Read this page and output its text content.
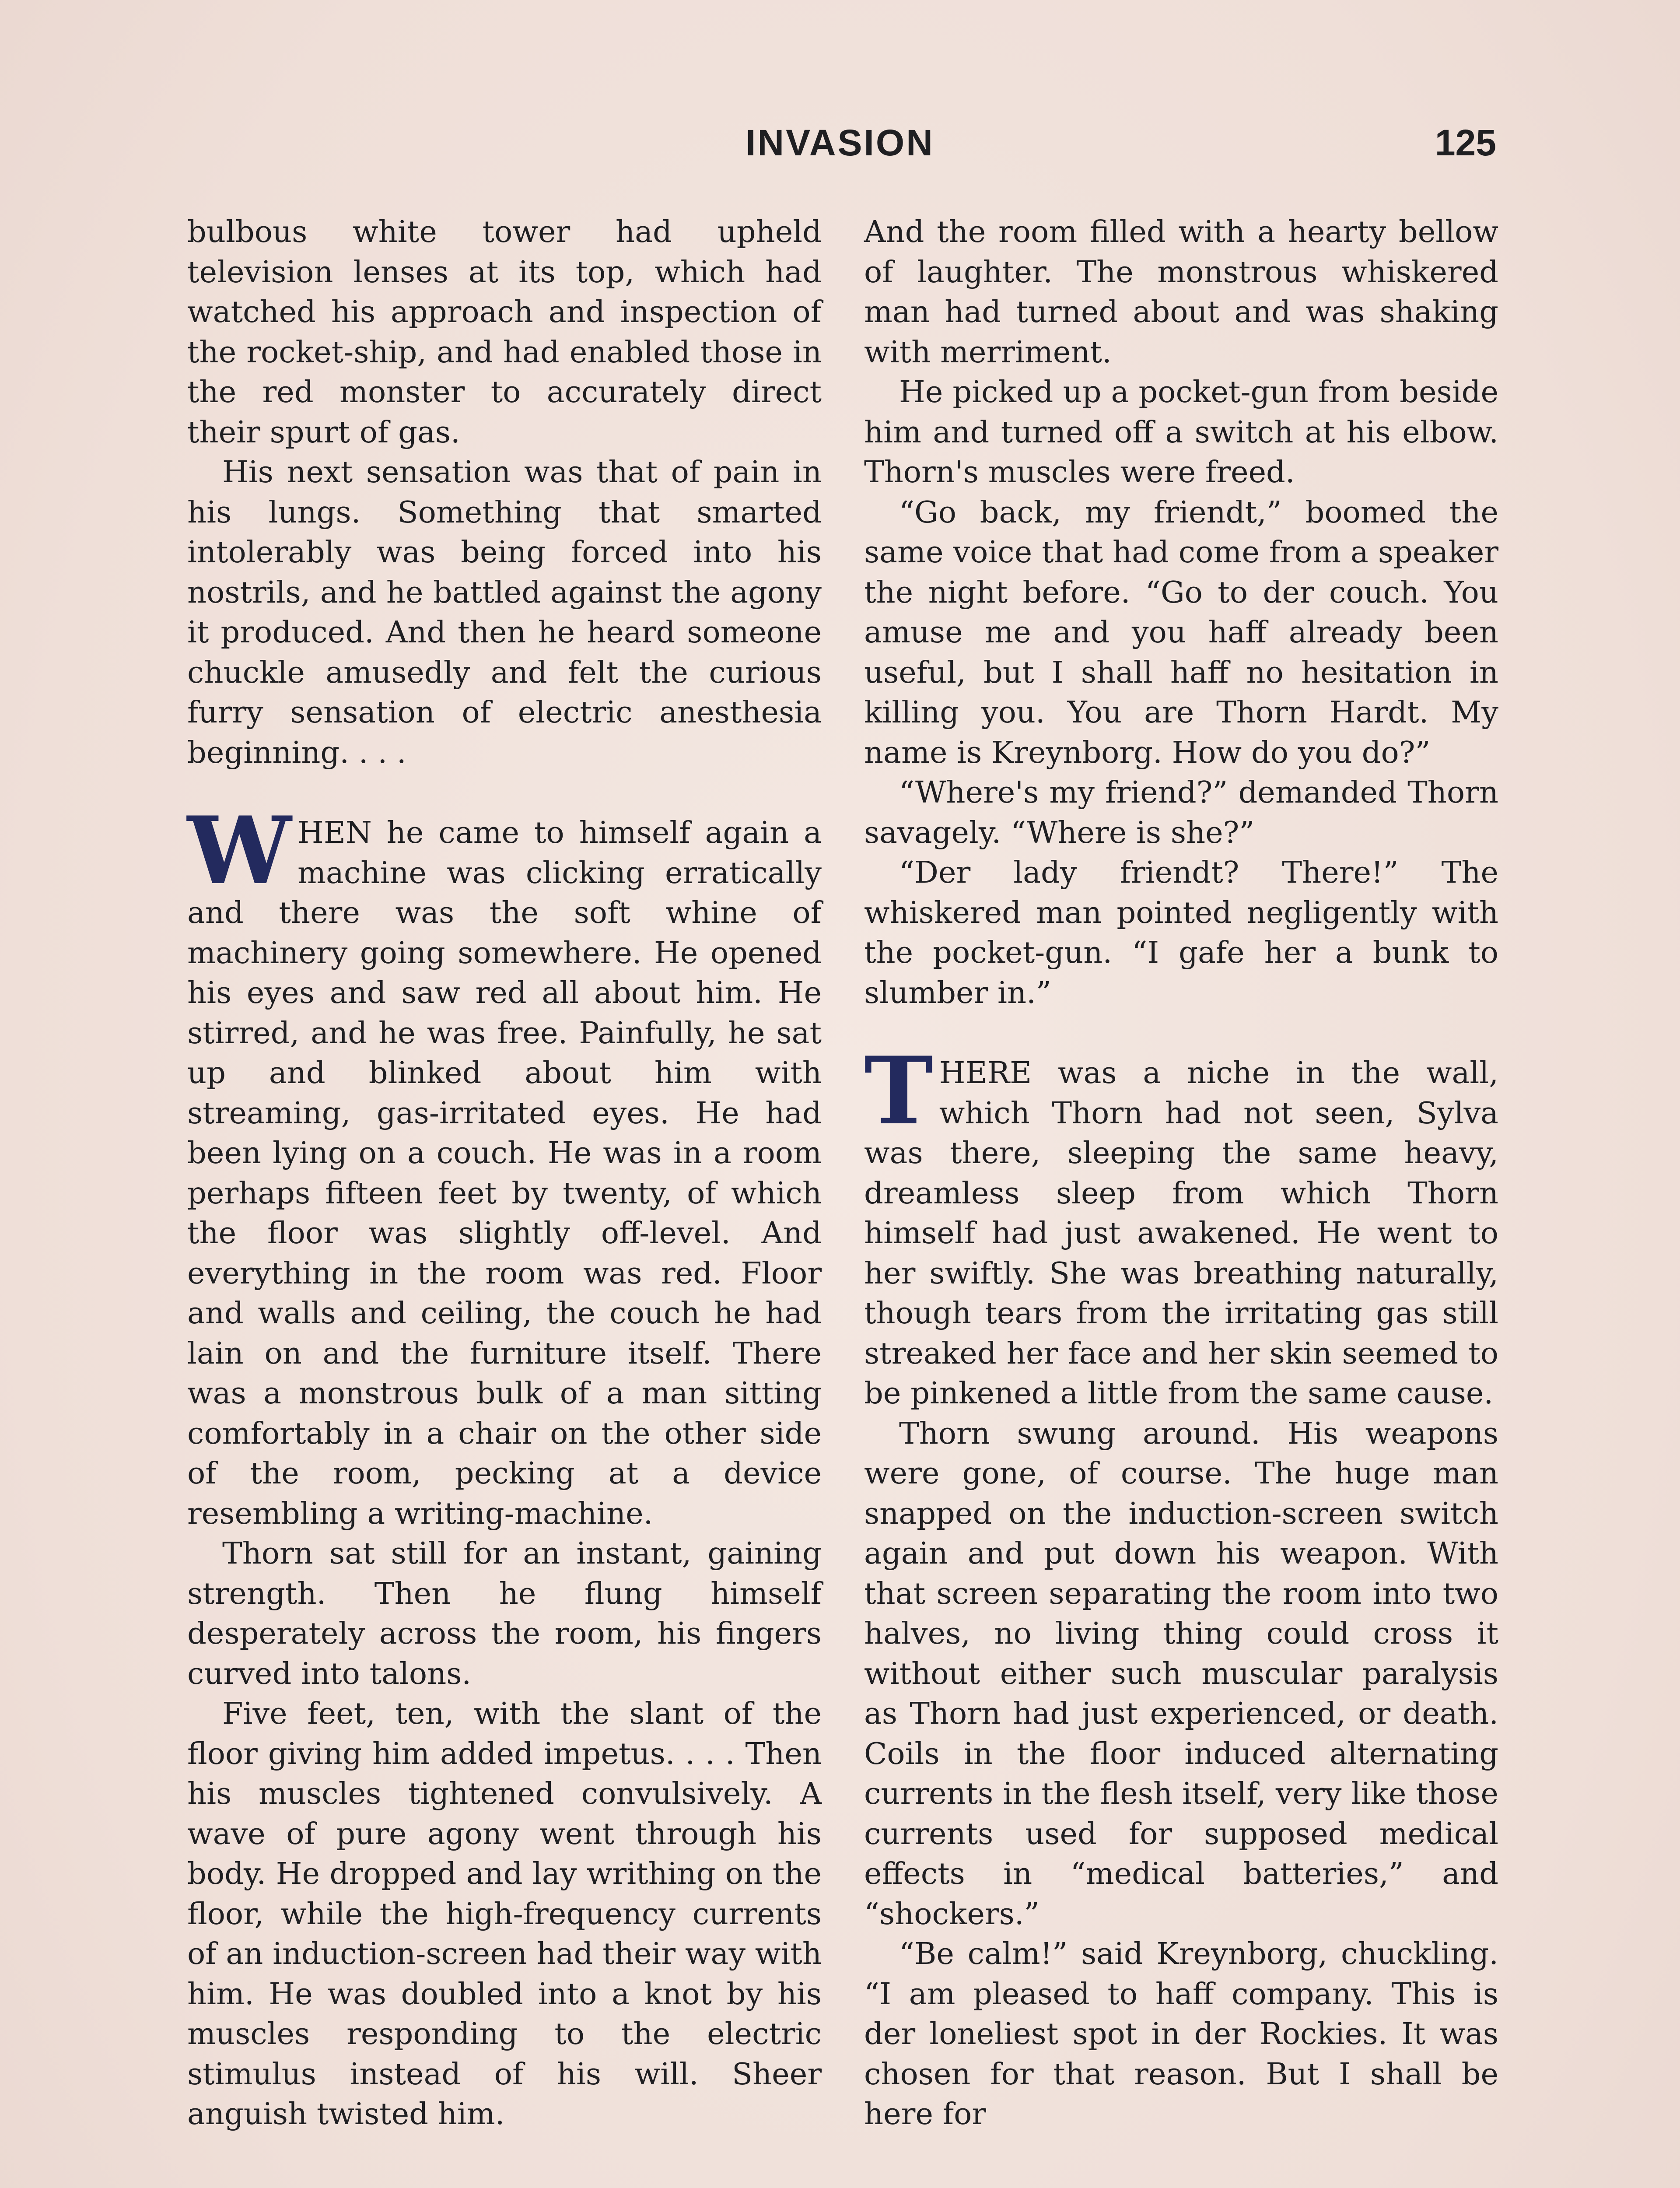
INVASION	125

bulbous white tower had upheld television lenses at its top, which had watched his approach and inspection of the rocket-ship, and had enabled those in the red monster to accurately direct their spurt of gas.

His next sensation was that of pain in his lungs. Something that smarted intolerably was being forced into his nostrils, and he battled against the agony it produced. And then he heard someone chuckle amusedly and felt the curious furry sensation of electric anesthesia beginning. . . .

WHEN he came to himself again a machine was clicking erratically and there was the soft whine of machinery going somewhere. He opened his eyes and saw red all about him. He stirred, and he was free. Painfully, he sat up and blinked about him with streaming, gas-irritated eyes. He had been lying on a couch. He was in a room perhaps fifteen feet by twenty, of which the floor was slightly off-level. And everything in the room was red. Floor and walls and ceiling, the couch he had lain on and the furniture itself. There was a monstrous bulk of a man sitting comfortably in a chair on the other side of the room, pecking at a device resembling a writing-machine.

Thorn sat still for an instant, gaining strength. Then he flung himself desperately across the room, his fingers curved into talons.

Five feet, ten, with the slant of the floor giving him added impetus. . . . Then his muscles tightened convulsively. A wave of pure agony went through his body. He dropped and lay writhing on the floor, while the high-frequency currents of an induction-screen had their way with him. He was doubled into a knot by his muscles responding to the electric stimulus instead of his will. Sheer anguish twisted him.

And the room filled with a hearty bellow of laughter. The monstrous whiskered man had turned about and was shaking with merriment.

He picked up a pocket-gun from beside him and turned off a switch at his elbow. Thorn's muscles were freed.

“Go back, my friendt,” boomed the same voice that had come from a speaker the night before. “Go to der couch. You amuse me and you haff already been useful, but I shall haff no hesitation in killing you. You are Thorn Hardt. My name is Kreynborg. How do you do?”

“Where's my friend?” demanded Thorn savagely. “Where is she?”

“Der lady friendt? There!” The whiskered man pointed negligently with the pocket-gun. “I gafe her a bunk to slumber in.”

THERE was a niche in the wall, which Thorn had not seen, Sylva was there, sleeping the same heavy, dreamless sleep from which Thorn himself had just awakened. He went to her swiftly. She was breathing naturally, though tears from the irritating gas still streaked her face and her skin seemed to be pinkened a little from the same cause.

Thorn swung around. His weapons were gone, of course. The huge man snapped on the induction-screen switch again and put down his weapon. With that screen separating the room into two halves, no living thing could cross it without either such muscular paralysis as Thorn had just experienced, or death. Coils in the floor induced alternating currents in the flesh itself, very like those currents used for supposed medical effects in “medical batteries,” and “shockers.”

“Be calm!” said Kreynborg, chuckling. “I am pleased to haff company. This is der loneliest spot in der Rockies. It was chosen for that reason. But I shall be here for
